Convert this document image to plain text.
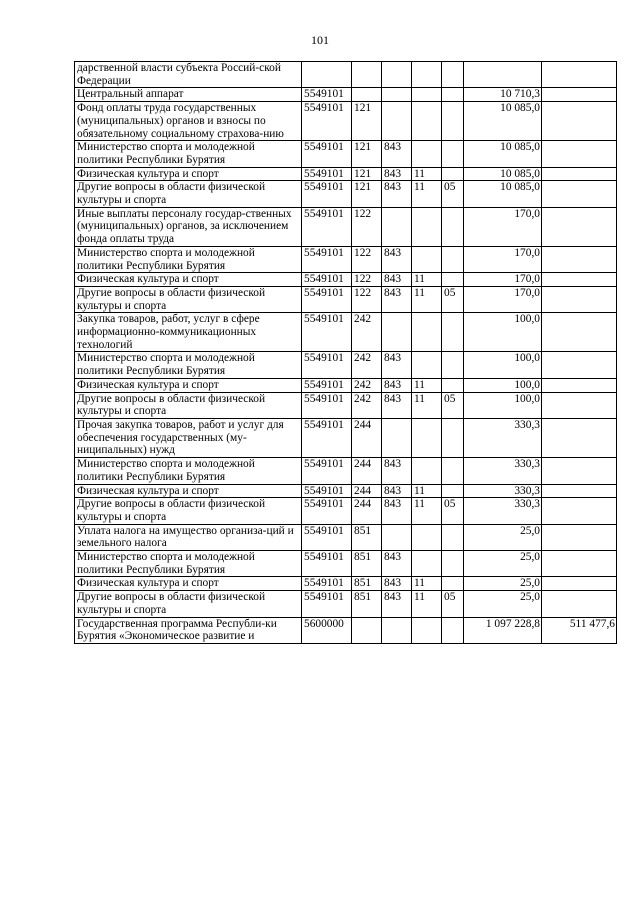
101
дарственной власти субъекта Россий-ской Федерации							
Центральный аппарат	5549101					10 710,3	
Фонд оплаты труда государственных (муниципальных) органов и взносы по обязательному социальному страхова-нию	5549101	121				10 085,0	
Министерство спорта и молодежной политики Республики Бурятия	5549101	121	843			10 085,0	
Физическая культура и спорт	5549101	121	843	11		10 085,0	
Другие вопросы в области физической культуры и спорта	5549101	121	843	11	05	10 085,0	
Иные выплаты персоналу государ-ственных (муниципальных) органов, за исключением фонда оплаты труда	5549101	122				170,0	
Министерство спорта и молодежной политики Республики Бурятия	5549101	122	843			170,0	
Физическая культура и спорт	5549101	122	843	11		170,0	
Другие вопросы в области физической культуры и спорта	5549101	122	843	11	05	170,0	
Закупка товаров, работ, услуг в сфере информационно-коммуникационных технологий	5549101	242				100,0	
Министерство спорта и молодежной политики Республики Бурятия	5549101	242	843			100,0	
Физическая культура и спорт	5549101	242	843	11		100,0	
Другие вопросы в области физической культуры и спорта	5549101	242	843	11	05	100,0	
Прочая закупка товаров, работ и услуг для обеспечения государственных (му-ниципальных) нужд	5549101	244				330,3	
Министерство спорта и молодежной политики Республики Бурятия	5549101	244	843			330,3	
Физическая культура и спорт	5549101	244	843	11		330,3	
Другие вопросы в области физической культуры и спорта	5549101	244	843	11	05	330,3	
Уплата налога на имущество организа-ций и земельного налога	5549101	851				25,0	
Министерство спорта и молодежной политики Республики Бурятия	5549101	851	843			25,0	
Физическая культура и спорт	5549101	851	843	11		25,0	
Другие вопросы в области физической культуры и спорта	5549101	851	843	11	05	25,0	
Государственная программа Республи-ки Бурятия «Экономическое развитие и	5600000					1 097 228,8	511 477,6
